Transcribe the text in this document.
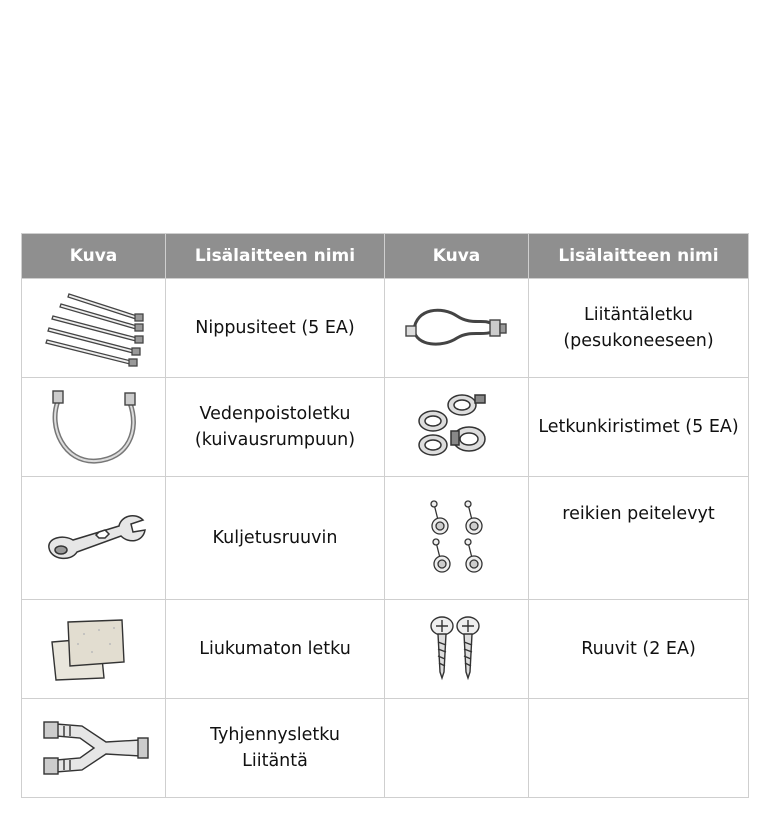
Kuva	Lisälaitteen nimi	Kuva	Lisälaitteen nimi

Nippusiteet (5 EA)		Liitäntäletku
(pesukoneeseen)

Vedenpoistoletku
(kuivausrumpuun)		Letkunkiristimet (5 EA)

Kuljetusruuvin		reikien peitelevyt

Liukumaton letku		Ruuvit (2 EA)

Tyhjennysletku
Liitäntä		
